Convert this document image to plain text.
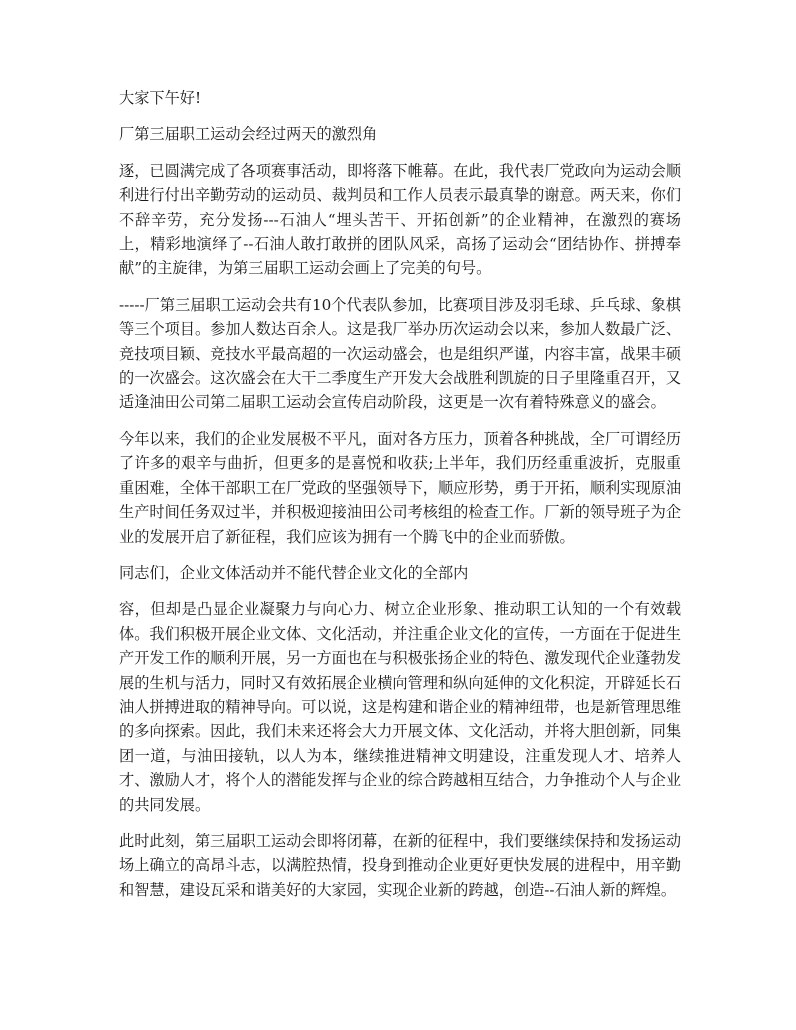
大家下午好!

厂第三届职工运动会经过两天的激烈角

逐，已圆满完成了各项赛事活动，即将落下帷幕。在此，我代表厂党政向为运动会顺利进行付出辛勤劳动的运动员、裁判员和工作人员表示最真挚的谢意。两天来，你们不辞辛劳，充分发扬---石油人“埋头苦干、开拓创新”的企业精神，在激烈的赛场上，精彩地演绎了--石油人敢打敢拼的团队风采，高扬了运动会“团结协作、拼搏奉献”的主旋律，为第三届职工运动会画上了完美的句号。

-----厂第三届职工运动会共有10个代表队参加，比赛项目涉及羽毛球、乒乓球、象棋等三个项目。参加人数达百余人。这是我厂举办历次运动会以来，参加人数最广泛、竞技项目颖、竞技水平最高超的一次运动盛会，也是组织严谨，内容丰富，战果丰硕的一次盛会。这次盛会在大干二季度生产开发大会战胜利凯旋的日子里隆重召开，又适逢油田公司第二届职工运动会宣传启动阶段，这更是一次有着特殊意义的盛会。

今年以来，我们的企业发展极不平凡，面对各方压力，顶着各种挑战，全厂可谓经历了许多的艰辛与曲折，但更多的是喜悦和收获;上半年，我们历经重重波折，克服重重困难，全体干部职工在厂党政的坚强领导下，顺应形势，勇于开拓，顺利实现原油生产时间任务双过半，并积极迎接油田公司考核组的检查工作。厂新的领导班子为企业的发展开启了新征程，我们应该为拥有一个腾飞中的企业而骄傲。

同志们，企业文体活动并不能代替企业文化的全部内

容，但却是凸显企业凝聚力与向心力、树立企业形象、推动职工认知的一个有效载体。我们积极开展企业文体、文化活动，并注重企业文化的宣传，一方面在于促进生产开发工作的顺利开展，另一方面也在与积极张扬企业的特色、激发现代企业蓬勃发展的生机与活力，同时又有效拓展企业横向管理和纵向延伸的文化积淀，开辟延长石油人拼搏进取的精神导向。可以说，这是构建和谐企业的精神纽带，也是新管理思维的多向探索。因此，我们未来还将会大力开展文体、文化活动，并将大胆创新，同集团一道，与油田接轨，以人为本，继续推进精神文明建设，注重发现人才、培养人才、激励人才，将个人的潜能发挥与企业的综合跨越相互结合，力争推动个人与企业的共同发展。

此时此刻，第三届职工运动会即将闭幕，在新的征程中，我们要继续保持和发扬运动场上确立的高昂斗志，以满腔热情，投身到推动企业更好更快发展的进程中，用辛勤和智慧，建设瓦采和谐美好的大家园，实现企业新的跨越，创造--石油人新的辉煌。
